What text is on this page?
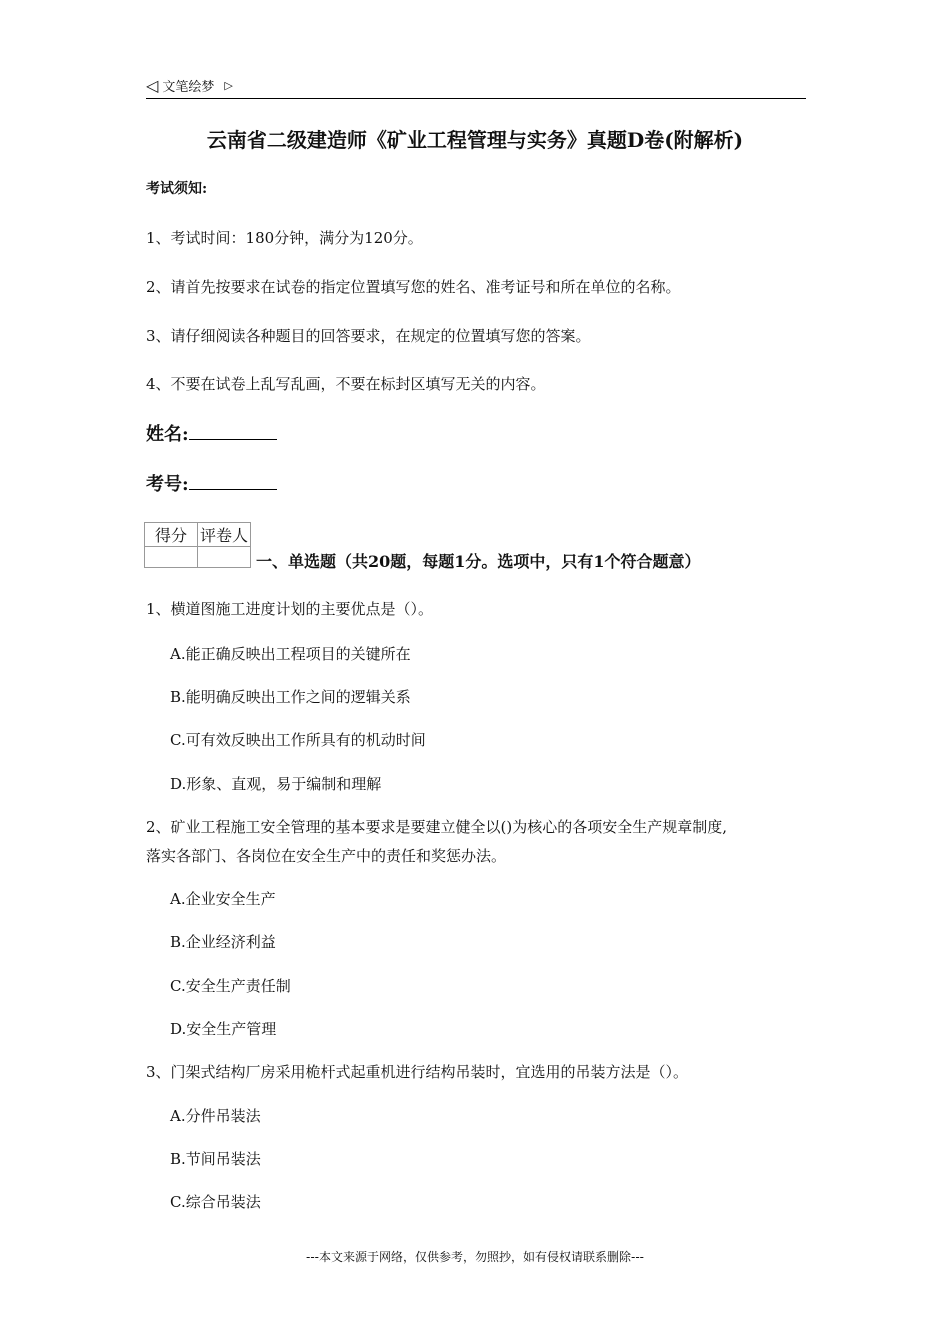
◁ 文笔绘梦 ▷
云南省二级建造师《矿业工程管理与实务》真题D卷(附解析)
考试须知:
1、考试时间：180分钟，满分为120分。
2、请首先按要求在试卷的指定位置填写您的姓名、准考证号和所在单位的名称。
3、请仔细阅读各种题目的回答要求，在规定的位置填写您的答案。
4、不要在试卷上乱写乱画，不要在标封区填写无关的内容。
姓名:
考号:
得分	评卷人

一、单选题（共20题，每题1分。选项中，只有1个符合题意）
1、横道图施工进度计划的主要优点是（）。
A.能正确反映出工程项目的关键所在
B.能明确反映出工作之间的逻辑关系
C.可有效反映出工作所具有的机动时间
D.形象、直观，易于编制和理解
2、矿业工程施工安全管理的基本要求是要建立健全以()为核心的各项安全生产规章制度,
落实各部门、各岗位在安全生产中的责任和奖惩办法。
A.企业安全生产
B.企业经济利益
C.安全生产责任制
D.安全生产管理
3、门架式结构厂房采用桅杆式起重机进行结构吊装时，宜选用的吊装方法是（）。
A.分件吊装法
B.节间吊装法
C.综合吊装法
---本文来源于网络，仅供参考，勿照抄，如有侵权请联系删除---
